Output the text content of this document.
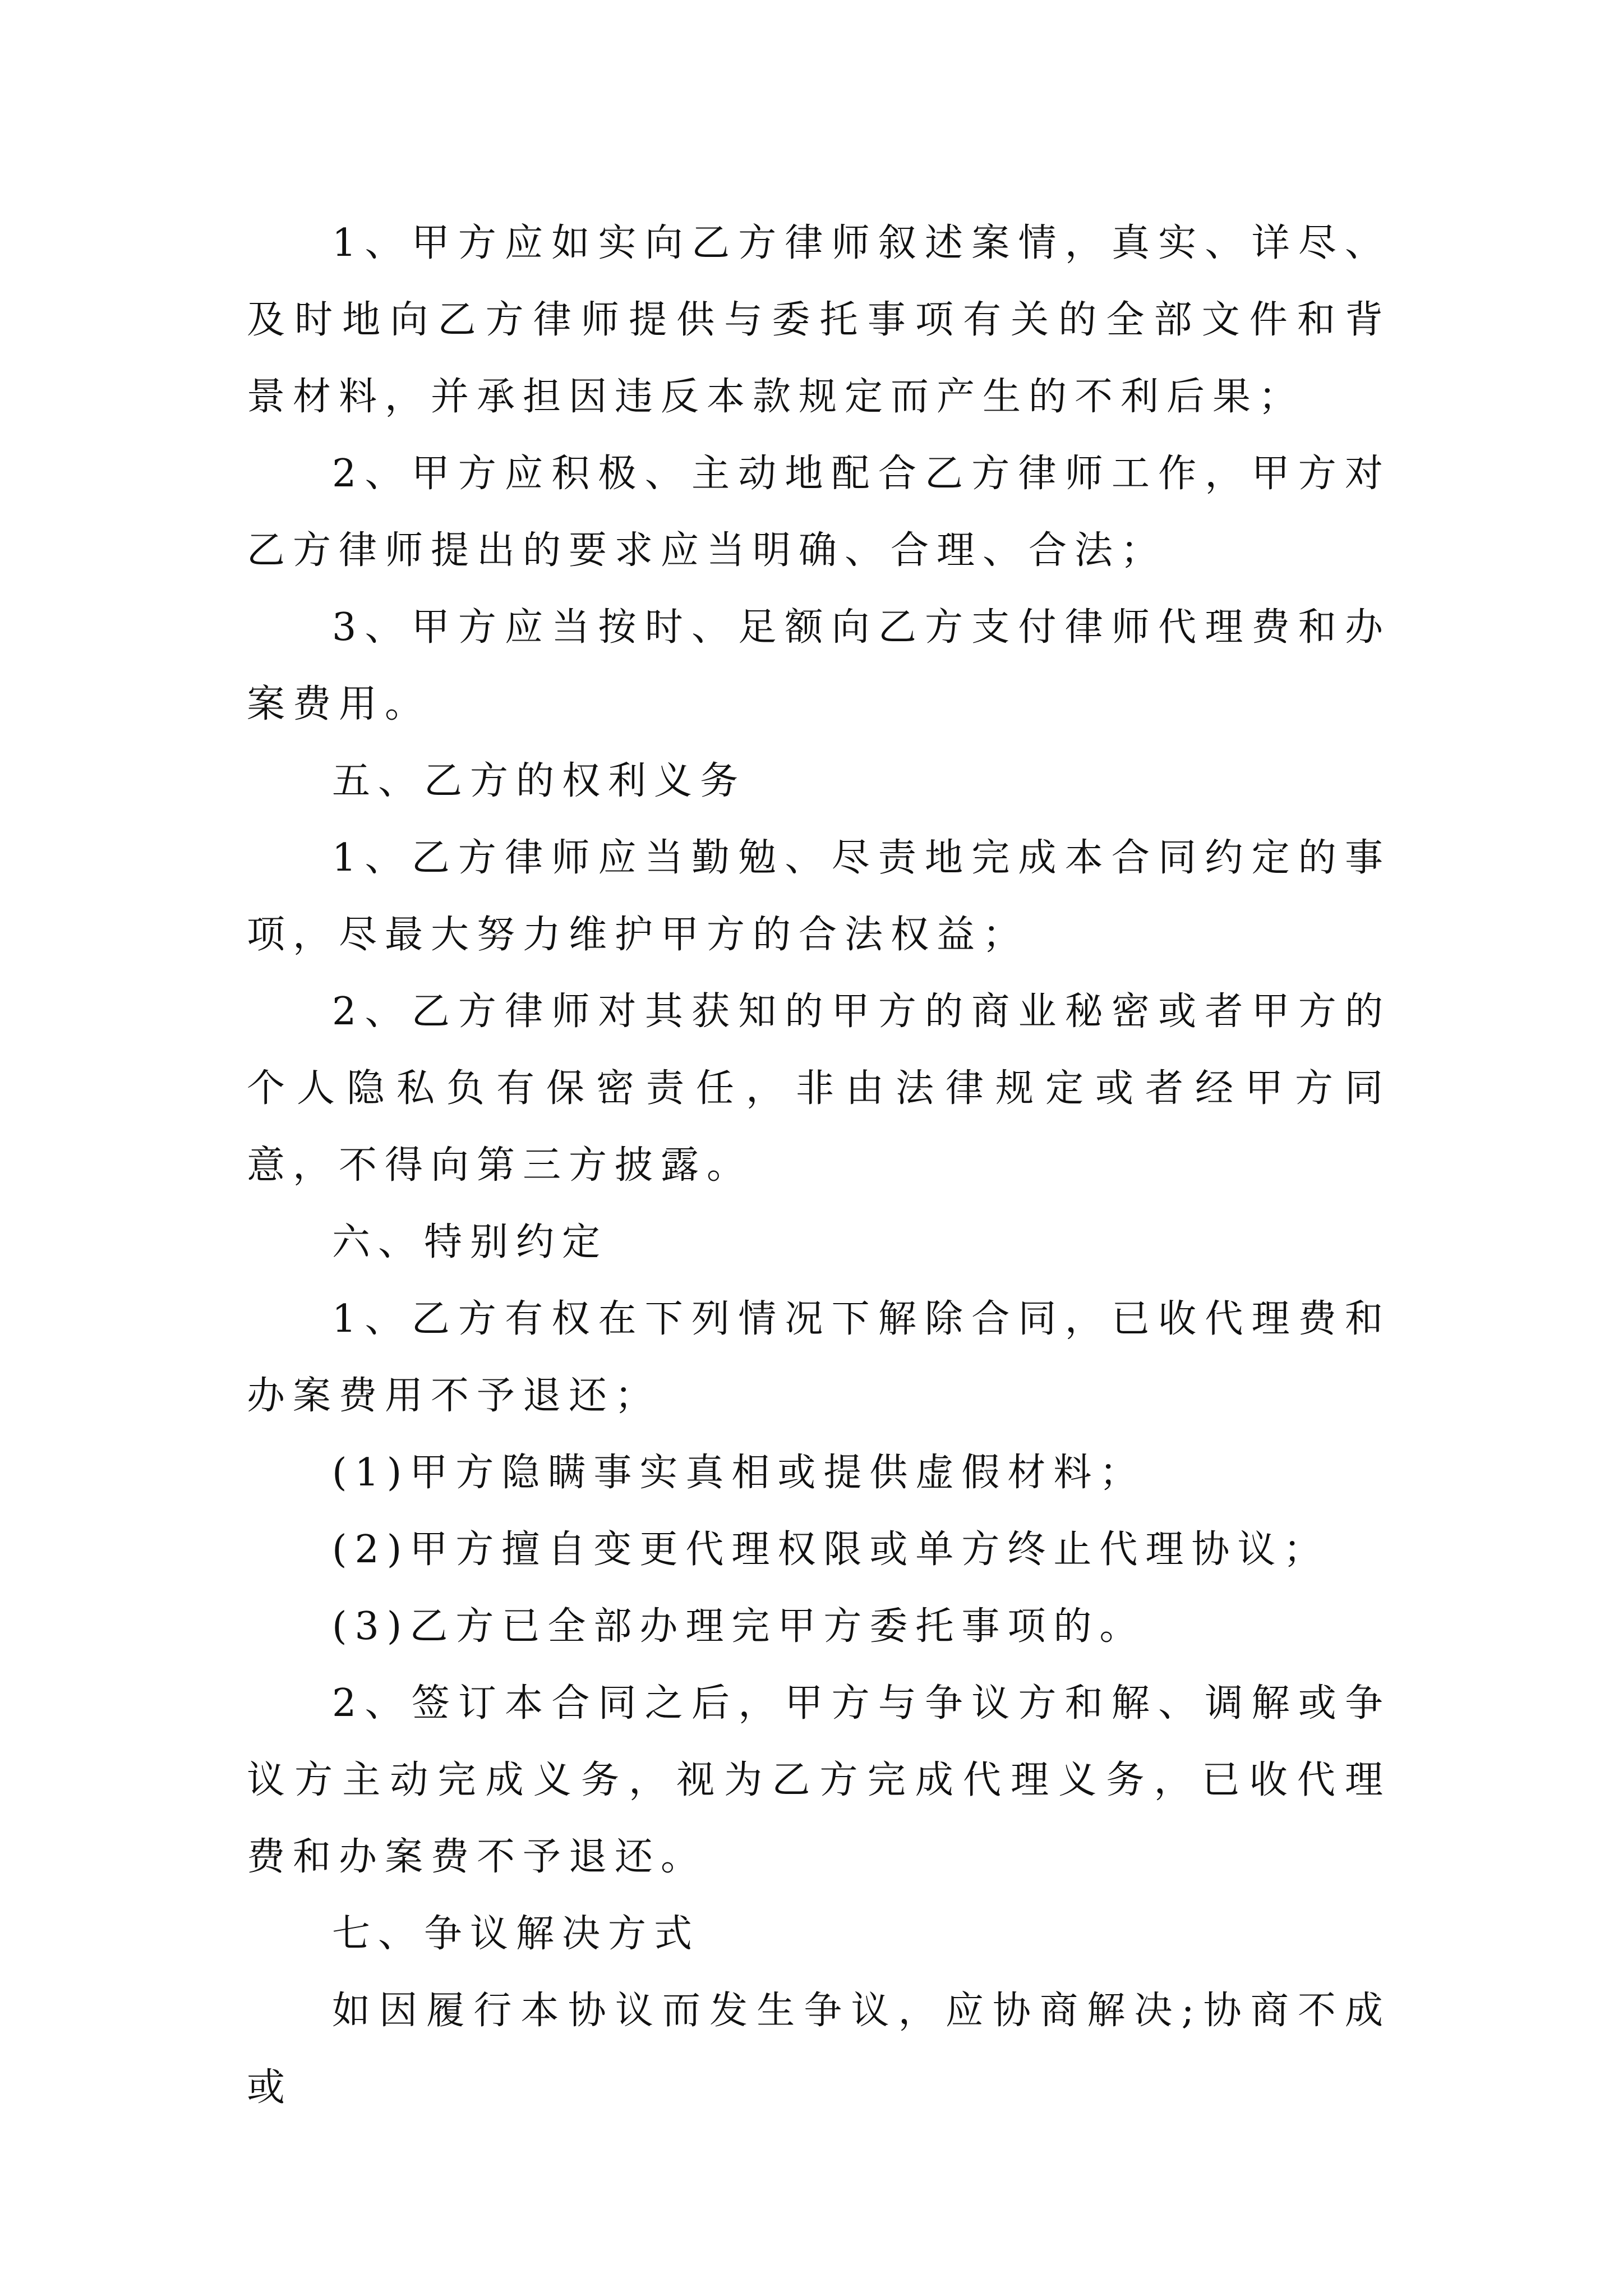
1、甲方应如实向乙方律师叙述案情，真实、详尽、及时地向乙方律师提供与委托事项有关的全部文件和背景材料，并承担因违反本款规定而产生的不利后果；

2、甲方应积极、主动地配合乙方律师工作，甲方对乙方律师提出的要求应当明确、合理、合法；

3、甲方应当按时、足额向乙方支付律师代理费和办案费用。

五、乙方的权利义务

1、乙方律师应当勤勉、尽责地完成本合同约定的事项，尽最大努力维护甲方的合法权益；

2、乙方律师对其获知的甲方的商业秘密或者甲方的个人隐私负有保密责任，非由法律规定或者经甲方同意，不得向第三方披露。

六、特别约定

1、乙方有权在下列情况下解除合同，已收代理费和办案费用不予退还；

(1)甲方隐瞒事实真相或提供虚假材料；

(2)甲方擅自变更代理权限或单方终止代理协议；

(3)乙方已全部办理完甲方委托事项的。

2、签订本合同之后，甲方与争议方和解、调解或争议方主动完成义务，视为乙方完成代理义务，已收代理费和办案费不予退还。

七、争议解决方式

如因履行本协议而发生争议，应协商解决;协商不成或
